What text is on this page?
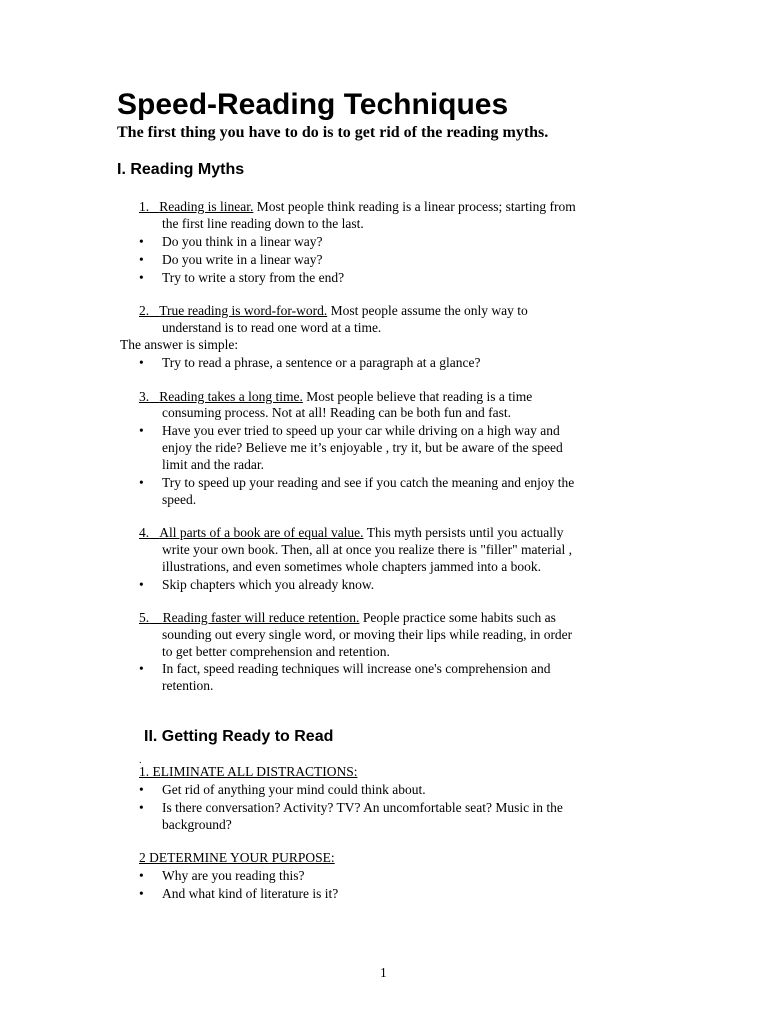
Speed-Reading Techniques
The first thing you have to do is to get rid of the reading myths.
I. Reading Myths
1. Reading is linear. Most people think reading is a linear process; starting from
the first line reading down to the last.
• Do you think in a linear way?
• Do you write in a linear way?
• Try to write a story from the end?
2. True reading is word-for-word. Most people assume the only way to
understand is to read one word at a time.
The answer is simple:
• Try to read a phrase, a sentence or a paragraph at a glance?
3. Reading takes a long time. Most people believe that reading is a time
consuming process. Not at all! Reading can be both fun and fast.
• Have you ever tried to speed up your car while driving on a high way and
enjoy the ride? Believe me it’s enjoyable , try it, but be aware of the speed
limit and the radar.
• Try to speed up your reading and see if you catch the meaning and enjoy the
speed.
4. All parts of a book are of equal value. This myth persists until you actually
write your own book. Then, all at once you realize there is "filler" material ,
illustrations, and even sometimes whole chapters jammed into a book.
• Skip chapters which you already know.
5. Reading faster will reduce retention. People practice some habits such as
sounding out every single word, or moving their lips while reading, in order
to get better comprehension and retention.
• In fact, speed reading techniques will increase one's comprehension and
retention.
II. Getting Ready to Read
.
1. ELIMINATE ALL DISTRACTIONS:
• Get rid of anything your mind could think about.
• Is there conversation? Activity? TV? An uncomfortable seat? Music in the
background?
2 DETERMINE YOUR PURPOSE:
• Why are you reading this?
• And what kind of literature is it?
1
